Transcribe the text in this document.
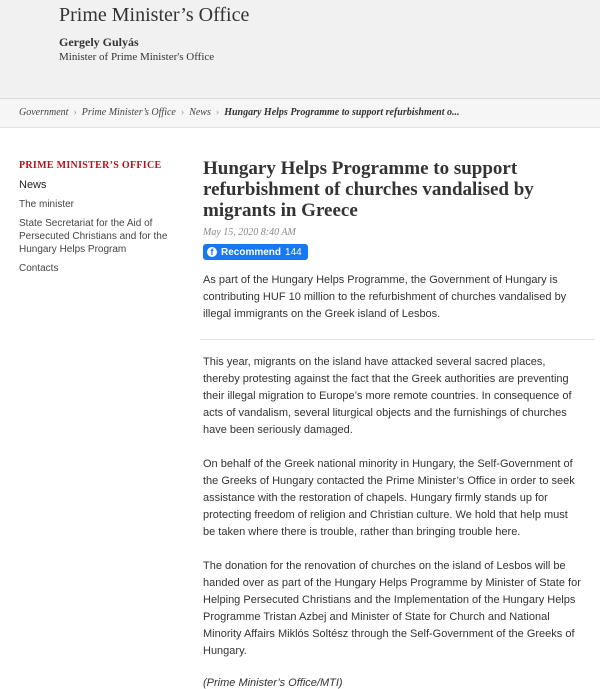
Prime Minister’s Office
Gergely Gulyás
Minister of Prime Minister's Office
Government › Prime Minister’s Office › News › Hungary Helps Programme to support refurbishment o...
PRIME MINISTER’S OFFICE
News
The minister
State Secretariat for the Aid of Persecuted Christians and for the Hungary Helps Program
Contacts
Hungary Helps Programme to support refurbishment of churches vandalised by migrants in Greece
May 15, 2020 8:40 AM
f Recommend 144

As part of the Hungary Helps Programme, the Government of Hungary is contributing HUF 10 million to the refurbishment of churches vandalised by illegal immigrants on the Greek island of Lesbos.

This year, migrants on the island have attacked several sacred places, thereby protesting against the fact that the Greek authorities are preventing their illegal migration to Europe’s more remote countries. In consequence of acts of vandalism, several liturgical objects and the furnishings of churches have been seriously damaged.

On behalf of the Greek national minority in Hungary, the Self-Government of the Greeks of Hungary contacted the Prime Minister’s Office in order to seek assistance with the restoration of chapels. Hungary firmly stands up for protecting freedom of religion and Christian culture. We hold that help must be taken where there is trouble, rather than bringing trouble here.

The donation for the renovation of churches on the island of Lesbos will be handed over as part of the Hungary Helps Programme by Minister of State for Helping Persecuted Christians and the Implementation of the Hungary Helps Programme Tristan Azbej and Minister of State for Church and National Minority Affairs Miklós Soltész through the Self-Government of the Greeks of Hungary.

(Prime Minister’s Office/MTI)
